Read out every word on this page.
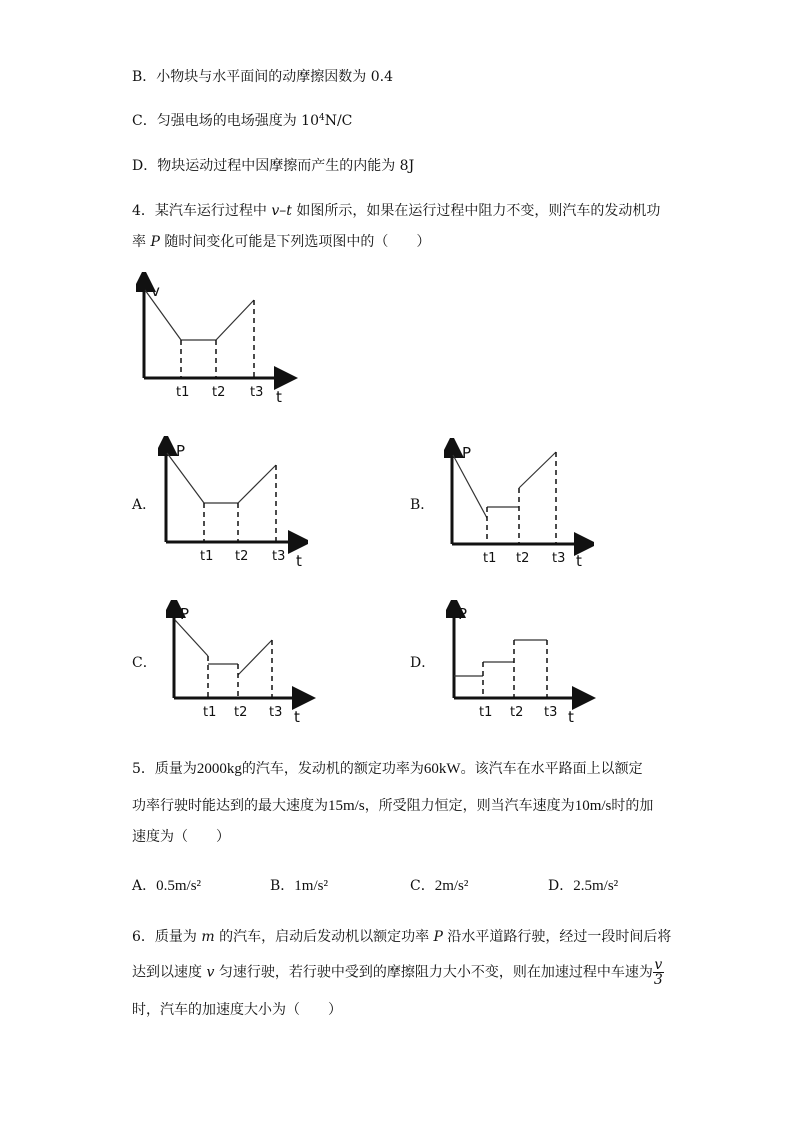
B．小物块与水平面间的动摩擦因数为 0.4
C．匀强电场的电场强度为 $10^4N/C$
D．物块运动过程中因摩擦而产生的内能为 8J
4．某汽车运行过程中 v–t 如图所示，如果在运行过程中阻力不变，则汽车的发动机功
率 P 随时间变化可能是下列选项图中的（　　）
v
t1 t2 t3 t
A．
P
t1 t2 t3 t
B．
P
t1 t2 t3 t
C．
P
t1 t2 t3 t
D．
P
t1 t2 t3 t
5．质量为2000kg的汽车，发动机的额定功率为60kW。该汽车在水平路面上以额定
功率行驶时能达到的最大速度为15m/s，所受阻力恒定，则当汽车速度为10m/s时的加
速度为（　　）
A．0.5m/s²	B．1m/s²	C．2m/s²	D．2.5m/s²
6．质量为 m 的汽车，启动后发动机以额定功率 P 沿水平道路行驶，经过一段时间后将
达到以速度 v 匀速行驶，若行驶中受到的摩擦阻力大小不变，则在加速过程中车速为 $\frac{v}{3}$
时，汽车的加速度大小为（　　）
